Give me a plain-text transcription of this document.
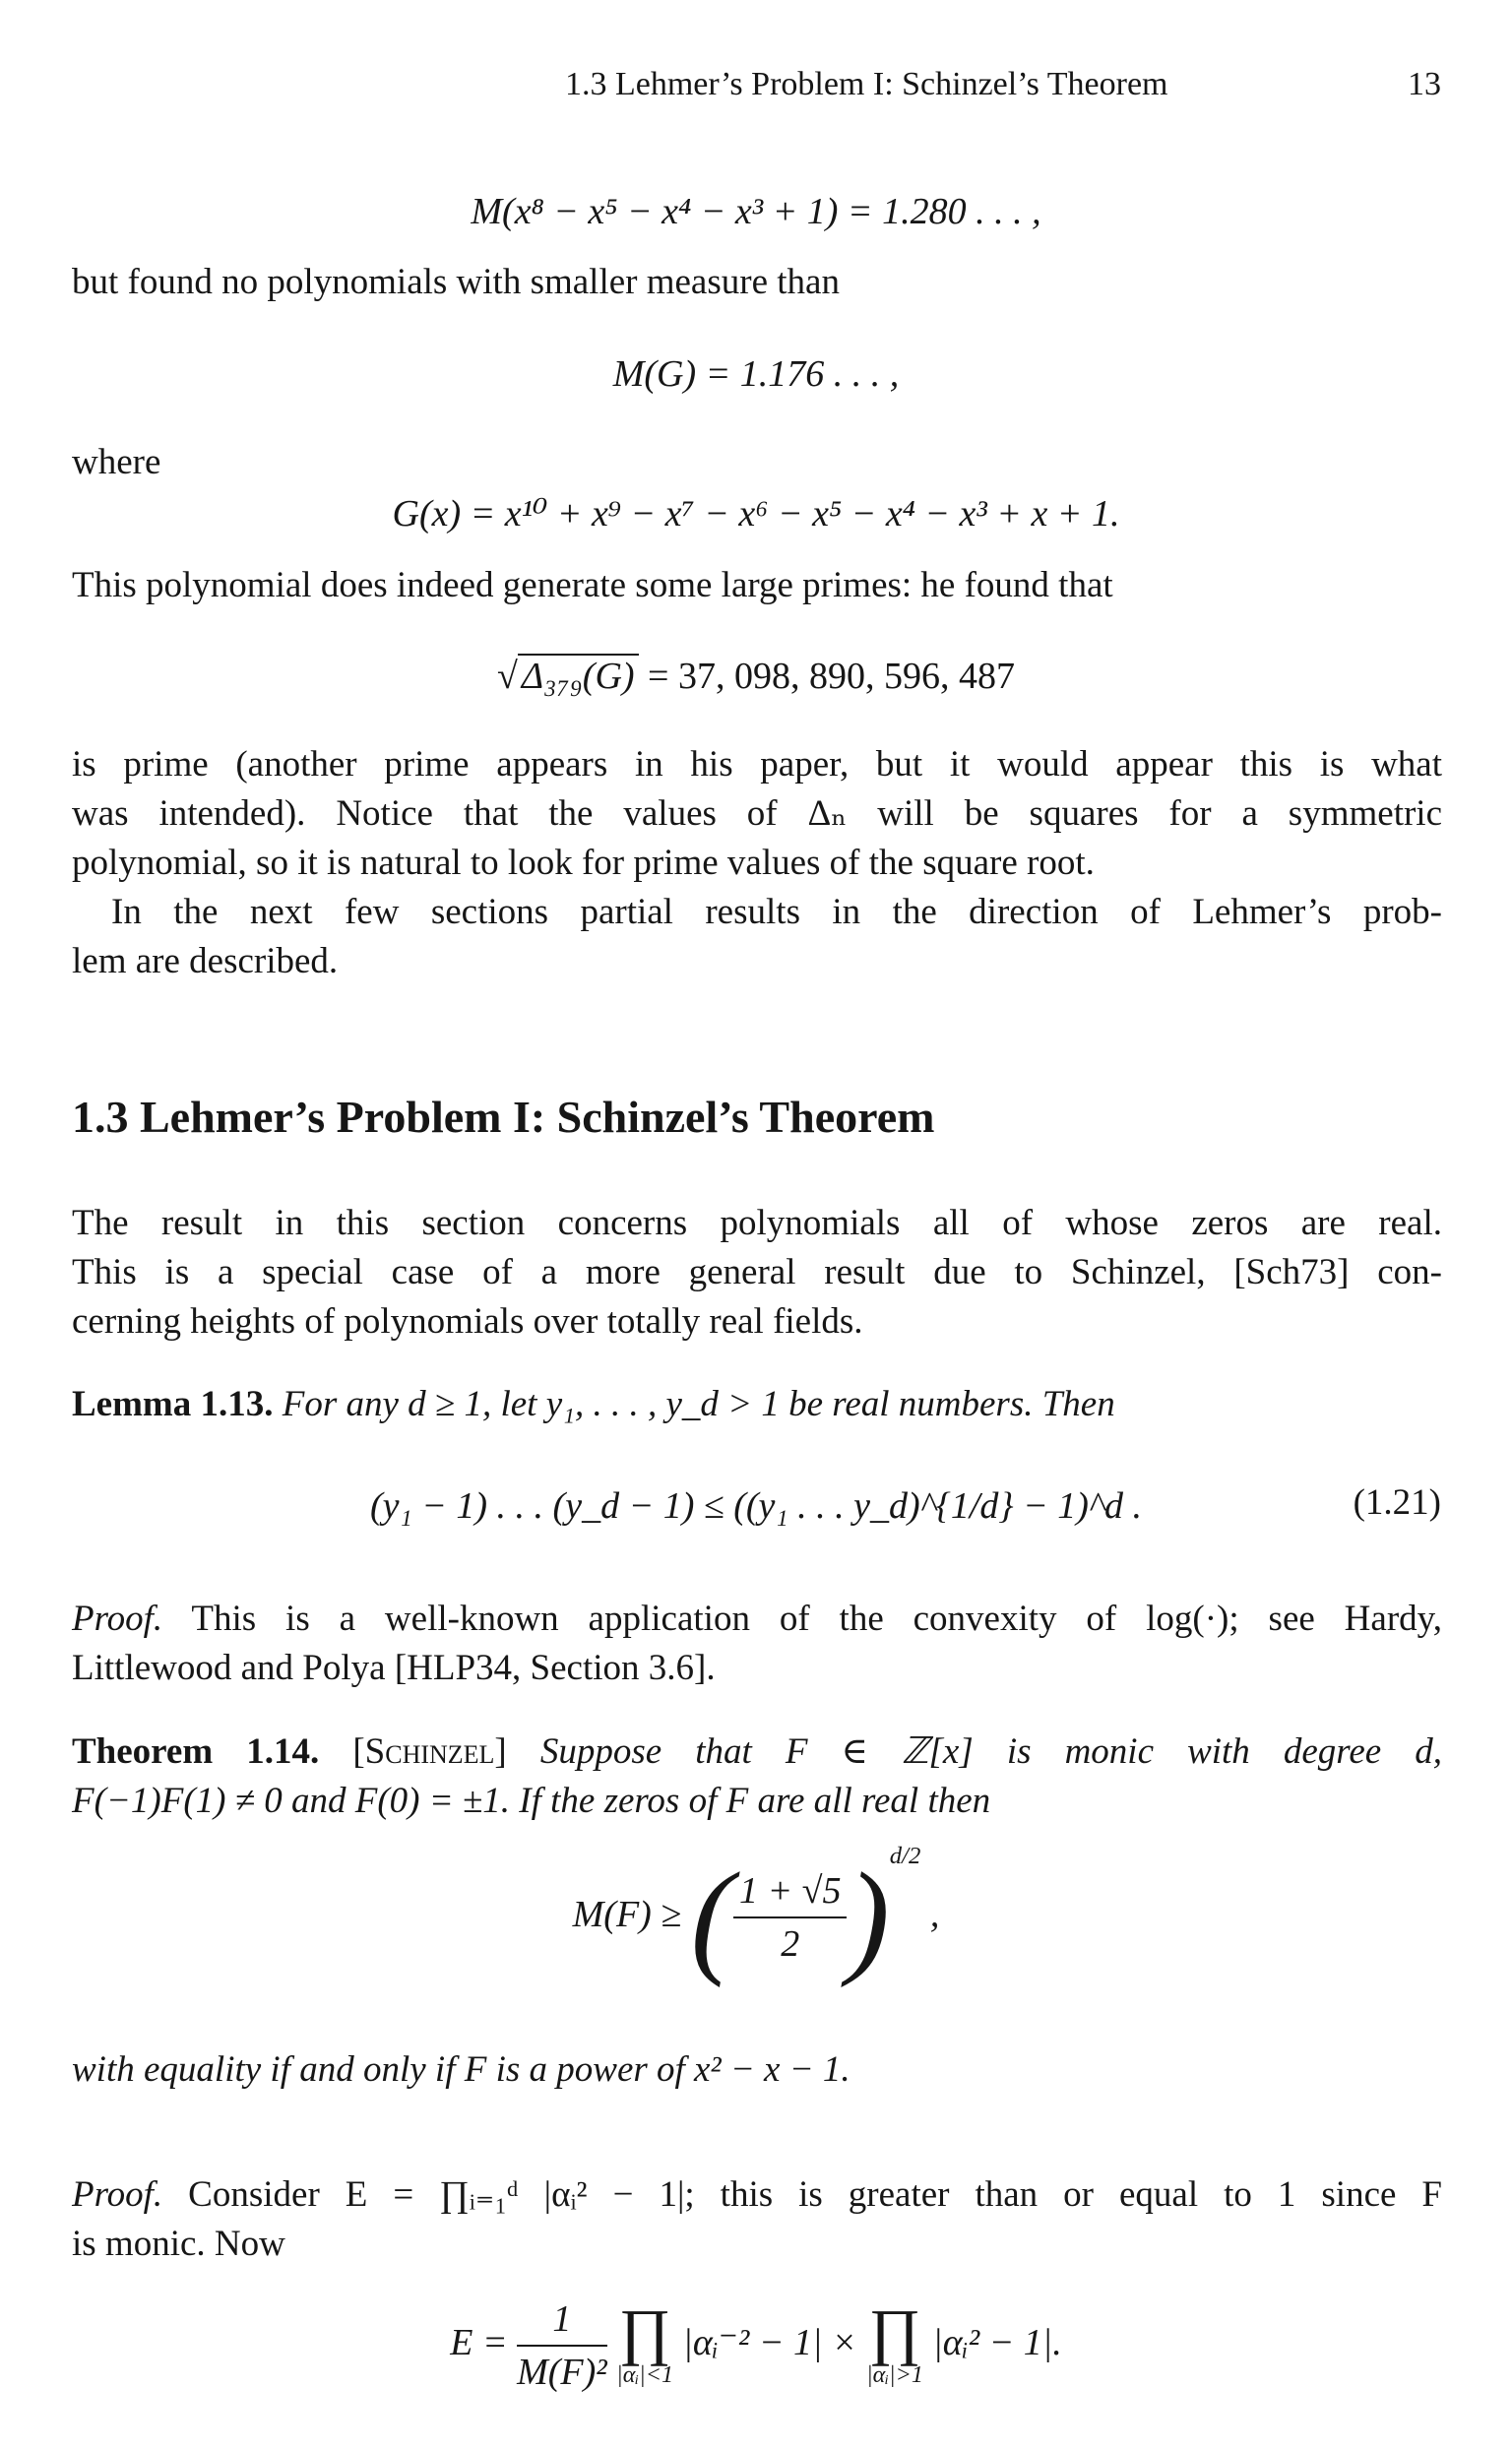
1.3 Lehmer’s Problem I: Schinzel’s Theorem	13
M(x⁸ − x⁵ − x⁴ − x³ + 1) = 1.280 . . . ,
but found no polynomials with smaller measure than
M(G) = 1.176 . . . ,
where
G(x) = x¹⁰ + x⁹ − x⁷ − x⁶ − x⁵ − x⁴ − x³ + x + 1.
This polynomial does indeed generate some large primes: he found that
√ Δ₃₇₉(G) = 37, 098, 890, 596, 487
is prime (another prime appears in his paper, but it would appear this is what
was intended). Notice that the values of Δₙ will be squares for a symmetric
polynomial, so it is natural to look for prime values of the square root.
In the next few sections partial results in the direction of Lehmer’s prob-
lem are described.
1.3 Lehmer’s Problem I: Schinzel’s Theorem
The result in this section concerns polynomials all of whose zeros are real.
This is a special case of a more general result due to Schinzel, [Sch73] con-
cerning heights of polynomials over totally real fields.
Lemma 1.13. For any d ≥ 1, let y₁, . . . , y_d > 1 be real numbers. Then
(y₁ − 1) . . . (y_d − 1) ≤ ((y₁ . . . y_d)^{1/d} − 1)^d .	(1.21)
Proof. This is a well-known application of the convexity of log(·); see Hardy,
Littlewood and Polya [HLP34, Section 3.6].
Theorem 1.14. [Schinzel] Suppose that F ∈ ℤ[x] is monic with degree d,
F(−1)F(1) ≠ 0 and F(0) = ±1. If the zeros of F are all real then
M(F) ≥ ( $\frac{1 + √5}{2} )^{d/2}$ ,
with equality if and only if F is a power of x² − x − 1.
Proof. Consider E = ∏ᵢ₌₁ᵈ |αᵢ² − 1|; this is greater than or equal to 1 since F
is monic. Now
$E = \frac{1}{\text{M(F)²}}$
∏
|αᵢ|<1
|αᵢ⁻² − 1| × ∏
|αᵢ|>1
|αᵢ² − 1|.
